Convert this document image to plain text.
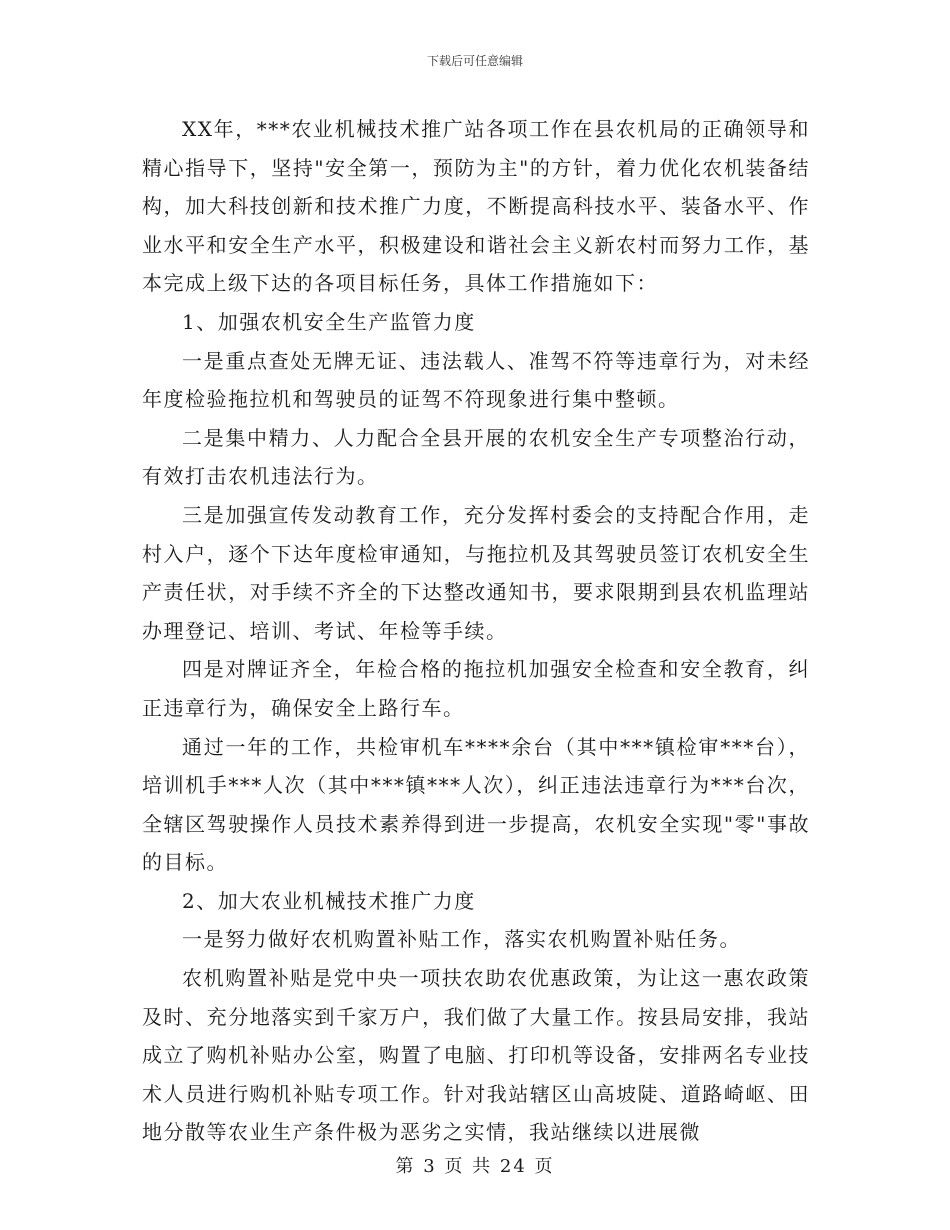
下载后可任意编辑

XX年，***农业机械技术推广站各项工作在县农机局的正确领导和精心指导下，坚持"安全第一，预防为主"的方针，着力优化农机装备结构，加大科技创新和技术推广力度，不断提高科技水平、装备水平、作业水平和安全生产水平，积极建设和谐社会主义新农村而努力工作，基本完成上级下达的各项目标任务，具体工作措施如下：

1、加强农机安全生产监管力度

一是重点查处无牌无证、违法载人、准驾不符等违章行为，对未经年度检验拖拉机和驾驶员的证驾不符现象进行集中整顿。

二是集中精力、人力配合全县开展的农机安全生产专项整治行动，有效打击农机违法行为。

三是加强宣传发动教育工作，充分发挥村委会的支持配合作用，走村入户，逐个下达年度检审通知，与拖拉机及其驾驶员签订农机安全生产责任状，对手续不齐全的下达整改通知书，要求限期到县农机监理站办理登记、培训、考试、年检等手续。

四是对牌证齐全，年检合格的拖拉机加强安全检查和安全教育，纠正违章行为，确保安全上路行车。

通过一年的工作，共检审机车****余台（其中***镇检审***台），培训机手***人次（其中***镇***人次），纠正违法违章行为***台次，全辖区驾驶操作人员技术素养得到进一步提高，农机安全实现"零"事故的目标。

2、加大农业机械技术推广力度

一是努力做好农机购置补贴工作，落实农机购置补贴任务。

农机购置补贴是党中央一项扶农助农优惠政策，为让这一惠农政策及时、充分地落实到千家万户，我们做了大量工作。按县局安排，我站成立了购机补贴办公室，购置了电脑、打印机等设备，安排两名专业技术人员进行购机补贴专项工作。针对我站辖区山高坡陡、道路崎岖、田地分散等农业生产条件极为恶劣之实情，我站继续以进展微

第 3 页 共 24 页
